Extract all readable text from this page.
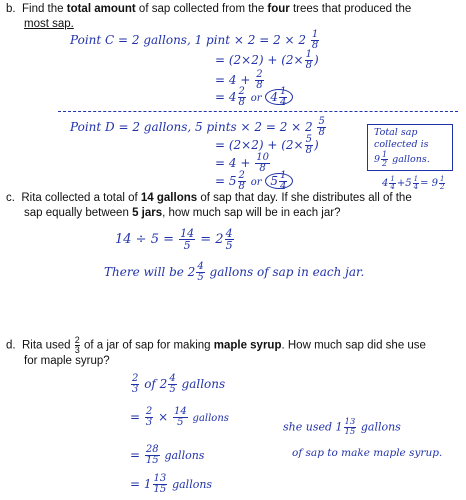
b. Find the total amount of sap collected from the four trees that produced the
most sap.
Point C = 2 gallons, 1 pint × $2 = 2 \times 2 \frac{1}{8}$
= $(2\times 2) + (2\times \frac{1}{8}$ )
= $4 + \frac{2}{8}$
= $4 \frac{2}{8}$ or $4 \frac{1}{4}$
Point D = 2 gallons, 5 pints × $2 = 2 \times 2 \frac{5}{8}$
= $(2\times 2) + (2\times \frac{5}{8}$ )
= $4 + \frac{10}{8}$
= $5 \frac{2}{8}$ or $5 \frac{1}{4}$
Total sap
collected is
$9 \frac{1}{2}$ gallons.
$4 \frac{1}{4} +5 \frac{1}{4} = 9 \frac{1}{2}$
c. Rita collected a total of 14 gallons of sap that day. If she distributes all of the
sap equally between 5 jars, how much sap will be in each jar?
$14 \div 5 = \frac{14}{5} = 2 \frac{4}{5}$
There will be $2 \frac{4}{5}$ gallons of sap in each jar.
d. Rita used $\frac{2}{3}$ of a jar of sap for making maple syrup. How much sap did she use
for maple syrup?
$\frac{2}{3}$ of $2 \frac{4}{5}$ gallons
= $\frac{2}{3} \times \frac{14}{5}$ gallons
= $\frac{28}{15}$ gallons
= $1 \frac{13}{15}$ gallons
she used $1 \frac{13}{15}$ gallons
of sap to make maple syrup.
